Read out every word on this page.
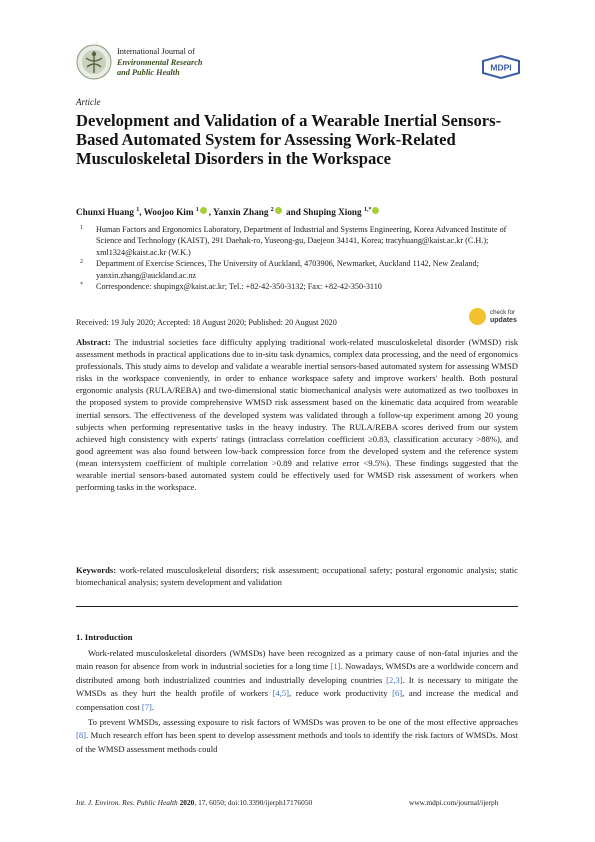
International Journal of
Environmental Research
and Public Health	MDPI
Article
Development and Validation of a Wearable Inertial Sensors-Based Automated System for Assessing Work-Related Musculoskeletal Disorders in the Workspace
Chunxi Huang $^1$, Woojoo Kim $^1$ , Yanxin Zhang $^2$ and Shuping Xiong $^{1,*}$
1	Human Factors and Ergonomics Laboratory, Department of Industrial and Systems Engineering, Korea Advanced Institute of Science and Technology (KAIST), 291 Daehak-ro, Yuseong-gu, Daejeon 34141, Korea; tracyhuang@kaist.ac.kr (C.H.); xml1324@kaist.ac.kr (W.K.)
2	Department of Exercise Sciences, The University of Auckland, 4703906, Newmarket, Auckland 1142, New Zealand; yanxin.zhang@auckland.ac.nz
*	Correspondence: shupingx@kaist.ac.kr; Tel.: +82-42-350-3132; Fax: +82-42-350-3110
check for
updates
Received: 19 July 2020; Accepted: 18 August 2020; Published: 20 August 2020
Abstract: The industrial societies face difficulty applying traditional work-related musculoskeletal disorder (WMSD) risk assessment methods in practical applications due to in-situ task dynamics, complex data processing, and the need of ergonomics professionals. This study aims to develop and validate a wearable inertial sensors-based automated system for assessing WMSD risks in the workspace conveniently, in order to enhance workspace safety and improve workers' health. Both postural ergonomic analysis (RULA/REBA) and two-dimensional static biomechanical analysis were automatized as two toolboxes in the proposed system to provide comprehensive WMSD risk assessment based on the kinematic data acquired from wearable inertial sensors. The effectiveness of the developed system was validated through a follow-up experiment among 20 young subjects when performing representative tasks in the heavy industry. The RULA/REBA scores derived from our system achieved high consistency with experts' ratings (intraclass correlation coefficient ≥0.83, classification accuracy >88%), and good agreement was also found between low-back compression force from the developed system and the reference system (mean intersystem coefficient of multiple correlation >0.89 and relative error <9.5%). These findings suggested that the wearable inertial sensors-based automated system could be effectively used for WMSD risk assessment of workers when performing tasks in the workspace.
Keywords: work-related musculoskeletal disorders; risk assessment; occupational safety; postural ergonomic analysis; static biomechanical analysis; system development and validation
1. Introduction

Work-related musculoskeletal disorders (WMSDs) have been recognized as a primary cause of non-fatal injuries and the main reason for absence from work in industrial societies for a long time [1]. Nowadays, WMSDs are a worldwide concern and distributed among both industrialized countries and industrially developing countries [2,3]. It is necessary to mitigate the WMSDs as they hurt the health profile of workers [4,5], reduce work productivity [6], and increase the medical and compensation cost [7].

To prevent WMSDs, assessing exposure to risk factors of WMSDs was proven to be one of the most effective approaches [8]. Much research effort has been spent to develop assessment methods and tools to identify the risk factors of WMSDs. Most of the WMSD assessment methods could

Int. J. Environ. Res. Public Health 2020, 17, 6050; doi:10.3390/ijerph17176050	www.mdpi.com/journal/ijerph
